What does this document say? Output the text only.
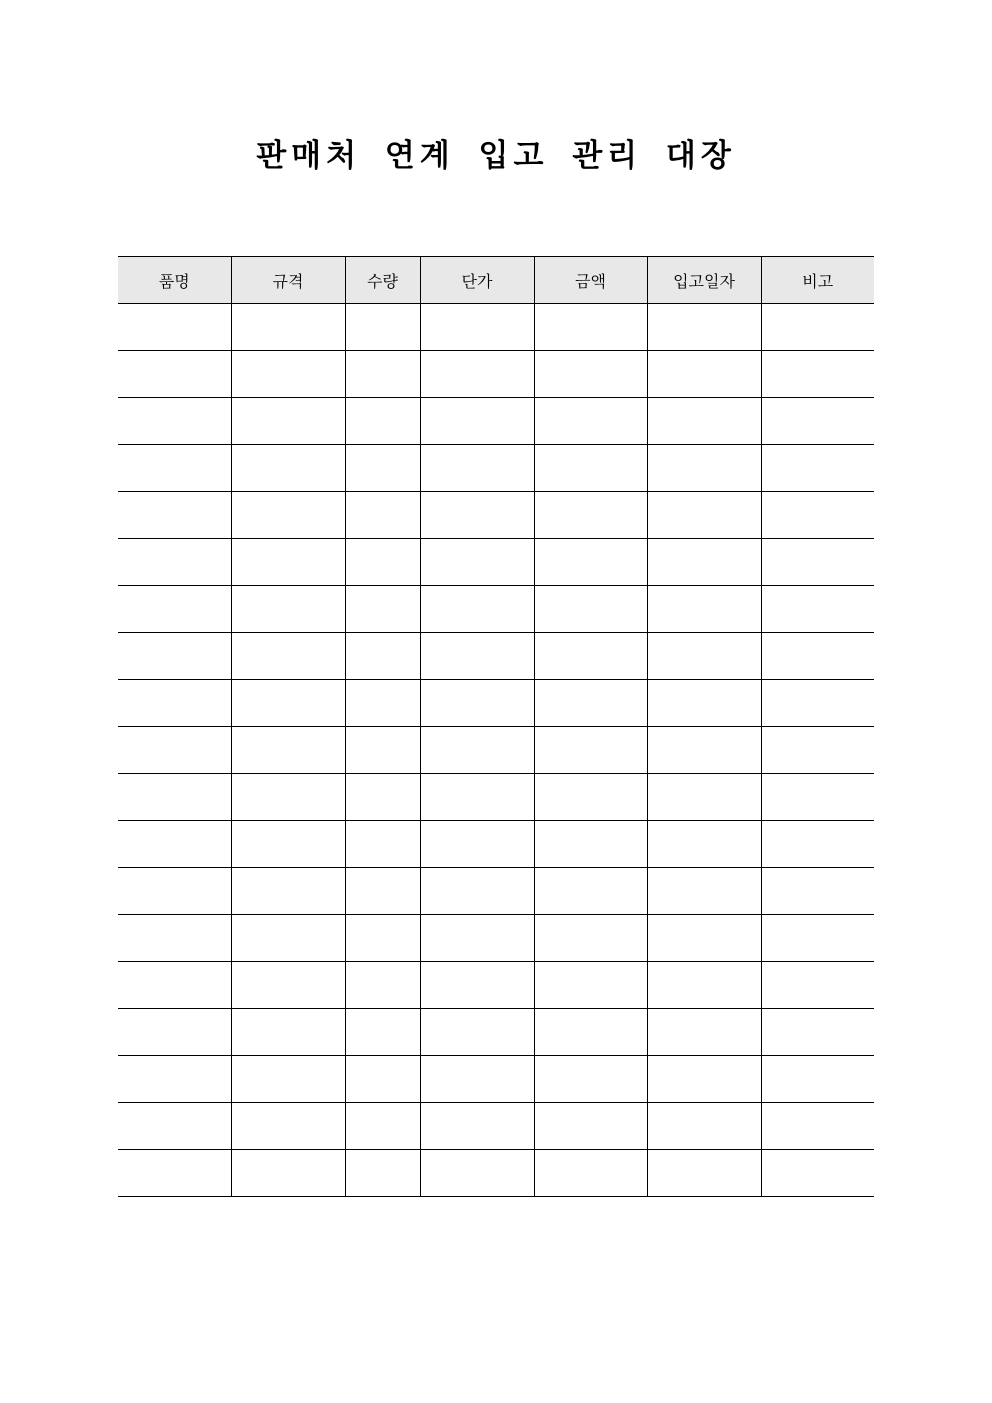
판매처 연계 입고 관리 대장
품명	규격	수량	단가	금액	입고일자	비고
